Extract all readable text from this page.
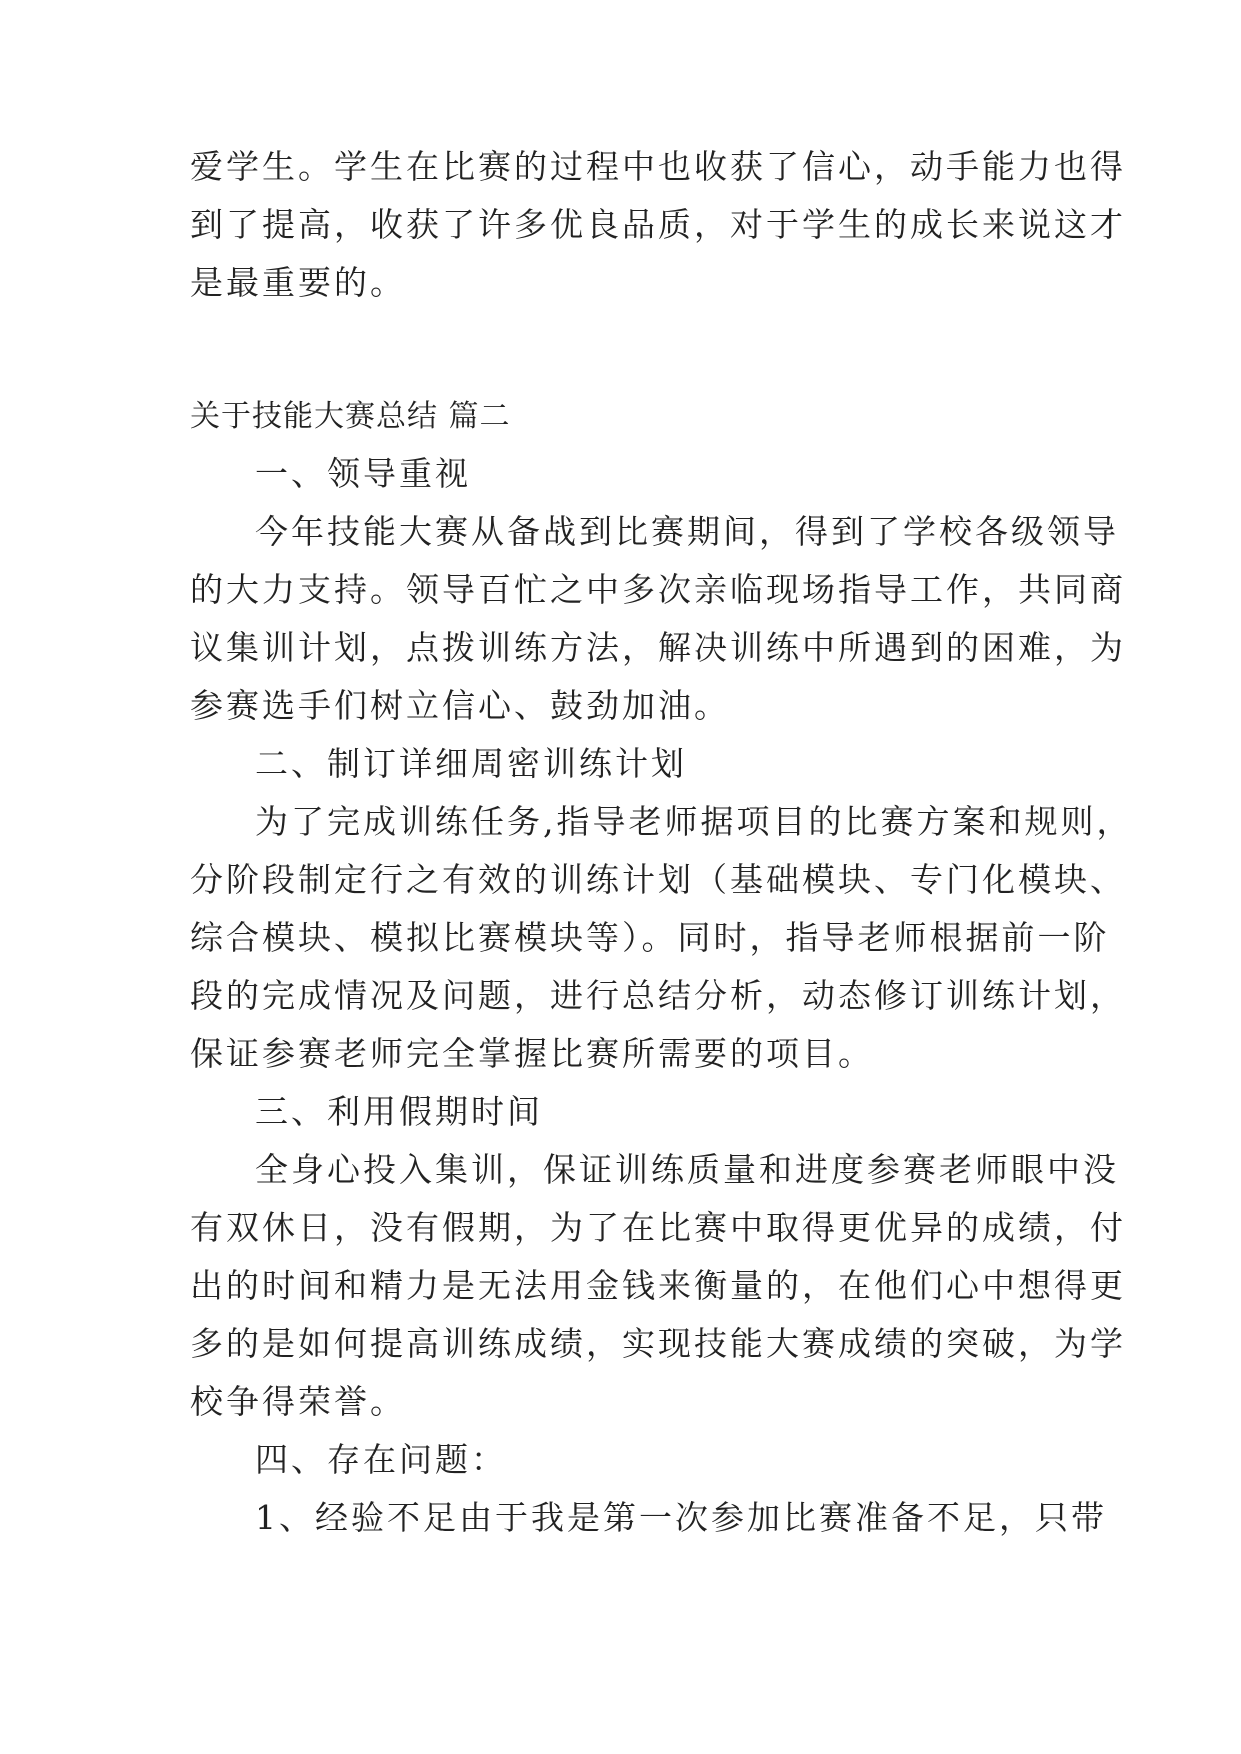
爱学生。学生在比赛的过程中也收获了信心，动手能力也得

到了提高，收获了许多优良品质，对于学生的成长来说这才

是最重要的。

关于技能大赛总结 篇二

一、领导重视

今年技能大赛从备战到比赛期间，得到了学校各级领导

的大力支持。领导百忙之中多次亲临现场指导工作，共同商

议集训计划，点拨训练方法，解决训练中所遇到的困难，为

参赛选手们树立信心、鼓劲加油。

二、制订详细周密训练计划

为了完成训练任务,指导老师据项目的比赛方案和规则，

分阶段制定行之有效的训练计划（基础模块、专门化模块、

综合模块、模拟比赛模块等）。同时，指导老师根据前一阶

段的完成情况及问题，进行总结分析，动态修订训练计划，

保证参赛老师完全掌握比赛所需要的项目。

三、利用假期时间

全身心投入集训，保证训练质量和进度参赛老师眼中没

有双休日，没有假期，为了在比赛中取得更优异的成绩，付

出的时间和精力是无法用金钱来衡量的，在他们心中想得更

多的是如何提高训练成绩，实现技能大赛成绩的突破，为学

校争得荣誉。

四、存在问题：

1、经验不足由于我是第一次参加比赛准备不足，只带
